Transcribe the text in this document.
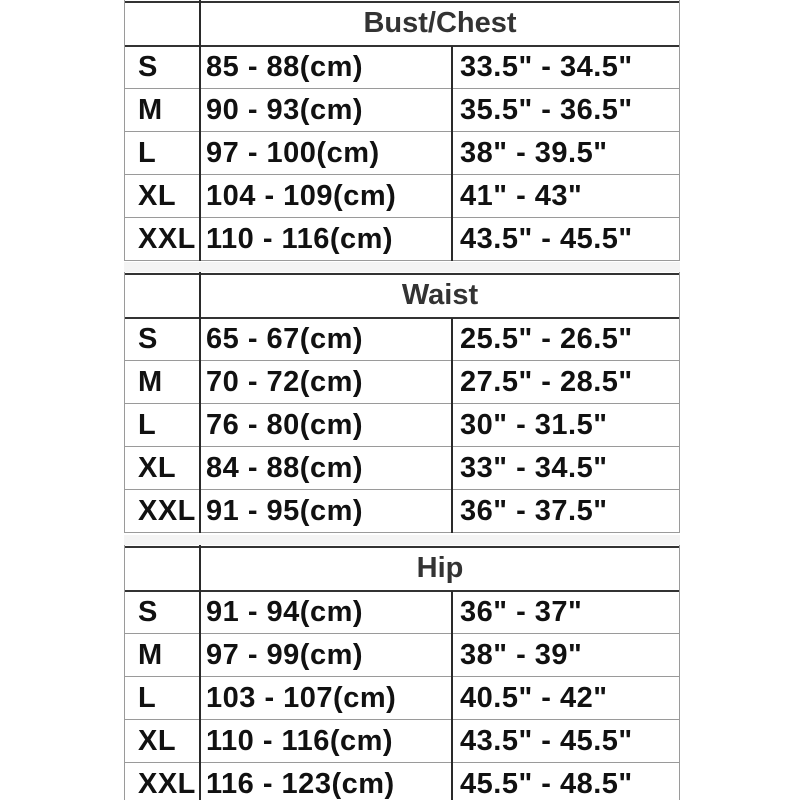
Bust/Chest
S	85 - 88(cm)	33.5" - 34.5"
M	90 - 93(cm)	35.5" - 36.5"
L	97 - 100(cm)	38" - 39.5"
XL	104 - 109(cm)	41" - 43"
XXL 110 - 116(cm)	43.5" - 45.5"
Waist
S	65 - 67(cm)	25.5" - 26.5"
M	70 - 72(cm)	27.5" - 28.5"
L	76 - 80(cm)	30" - 31.5"
XL	84 - 88(cm)	33" - 34.5"
XXL 91 - 95(cm)	36" - 37.5"
Hip
S	91 - 94(cm)	36" - 37"
M	97 - 99(cm)	38" - 39"
L	103 - 107(cm)	40.5" - 42"
XL	110 - 116(cm)	43.5" - 45.5"
XXL 116 - 123(cm)	45.5" - 48.5"
